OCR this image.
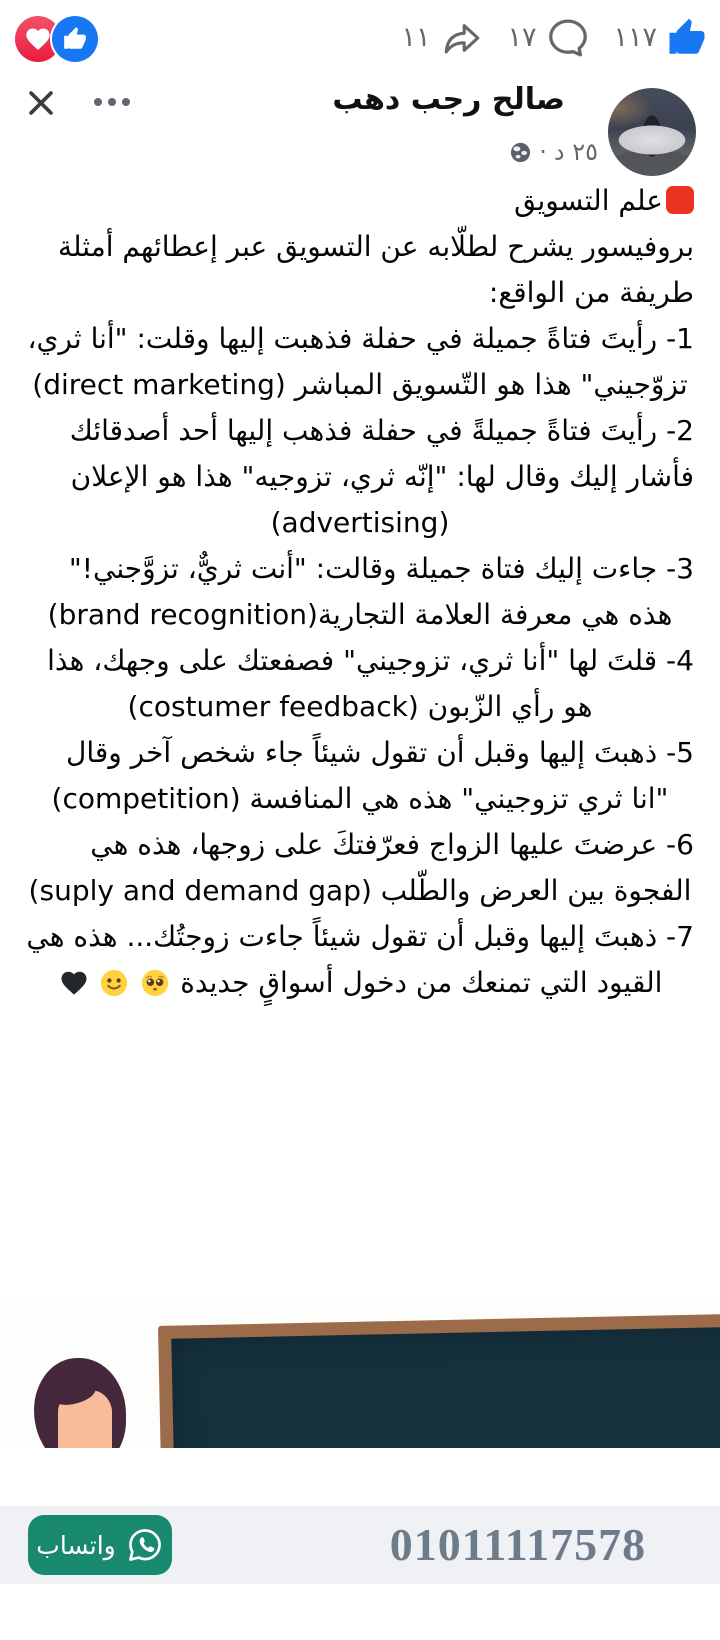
١١	١٧	١١٧
صالح رجب دهب
٢٥ د
·

علم التسويق

بروفيسور يشرح لطلّابه عن التسويق عبر إعطائهم أمثلة طريفة من الواقع:

1- رأيتَ فتاةً جميلة في حفلة فذهبت إليها وقلت: "أنا ثري، تزوّجيني" هذا هو التّسويق المباشر (direct marketing)

2- رأيتَ فتاةً جميلةً في حفلة فذهب إليها أحد أصدقائك فأشار إليك وقال لها: "إنّه ثري، تزوجيه" هذا هو الإعلان (advertising)

3- جاءت إليك فتاة جميلة وقالت: "أنت ثريٌّ، تزوَّجني!" هذه هي معرفة العلامة التجارية(brand recognition)

4- قلتَ لها "أنا ثري، تزوجيني" فصفعتك على وجهك، هذا هو رأي الزّبون (costumer feedback)

5- ذهبتَ إليها وقبل أن تقول شيئاً جاء شخص آخر وقال "انا ثري تزوجيني" هذه هي المنافسة (competition)

6- عرضتَ عليها الزواج فعرّفتكَ على زوجها، هذه هي الفجوة بين العرض والطّلب (suply and demand gap)

7- ذهبتَ إليها وقبل أن تقول شيئاً جاءت زوجتُك... هذه هي القيود التي تمنعك من دخول أسواقٍ جديدة

واتساب	01011117578
